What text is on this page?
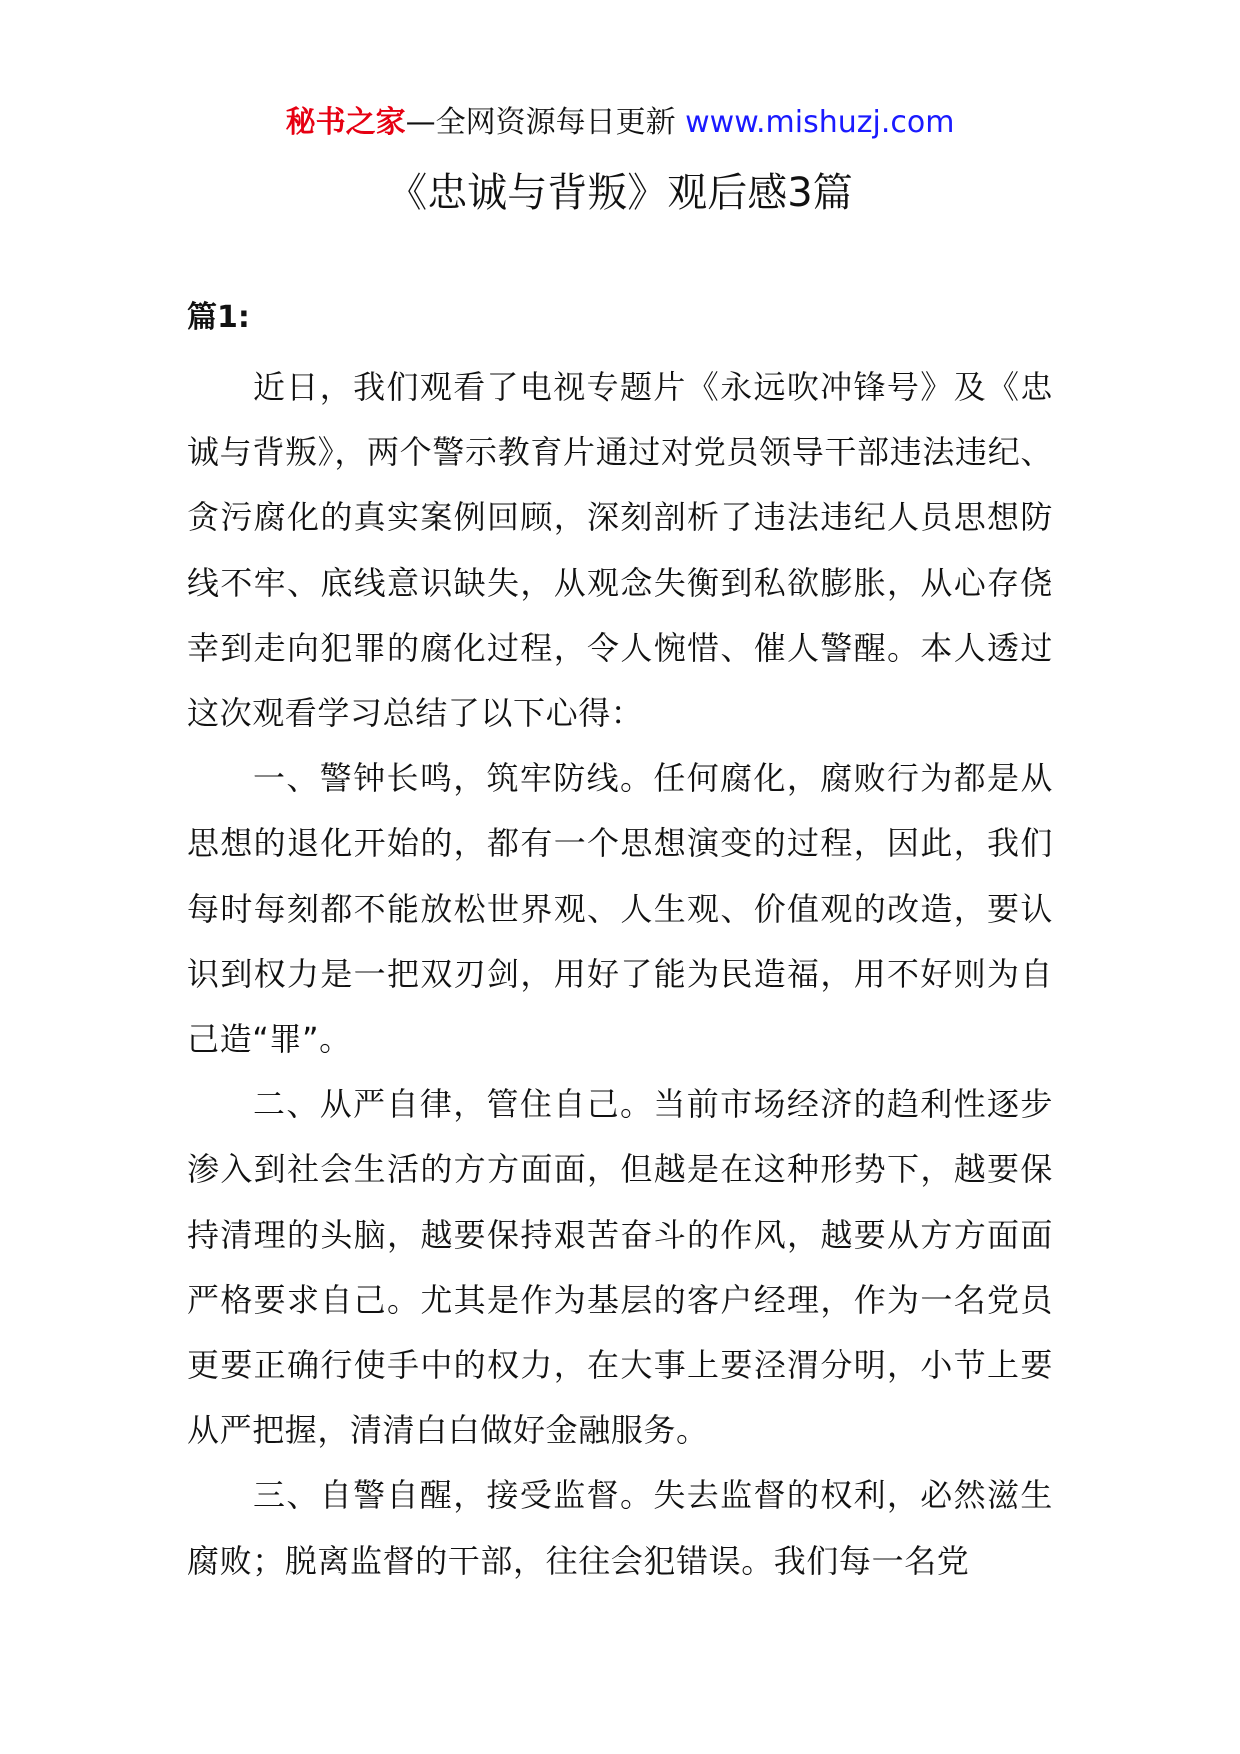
秘书之家—全网资源每日更新 www.mishuzj.com
《忠诚与背叛》观后感3篇
篇1:

近日，我们观看了电视专题片《永远吹冲锋号》及《忠诚与背叛》，两个警示教育片通过对党员领导干部违法违纪、贪污腐化的真实案例回顾，深刻剖析了违法违纪人员思想防线不牢、底线意识缺失，从观念失衡到私欲膨胀，从心存侥幸到走向犯罪的腐化过程，令人惋惜、催人警醒。本人透过这次观看学习总结了以下心得：

一、警钟长鸣，筑牢防线。任何腐化，腐败行为都是从思想的退化开始的，都有一个思想演变的过程，因此，我们每时每刻都不能放松世界观、人生观、价值观的改造，要认识到权力是一把双刃剑，用好了能为民造福，用不好则为自己造“罪”。

二、从严自律，管住自己。当前市场经济的趋利性逐步渗入到社会生活的方方面面，但越是在这种形势下，越要保持清理的头脑，越要保持艰苦奋斗的作风，越要从方方面面严格要求自己。尤其是作为基层的客户经理，作为一名党员更要正确行使手中的权力，在大事上要泾渭分明，小节上要从严把握，清清白白做好金融服务。

三、自警自醒，接受监督。失去监督的权利，必然滋生腐败；脱离监督的干部，往往会犯错误。我们每一名党
